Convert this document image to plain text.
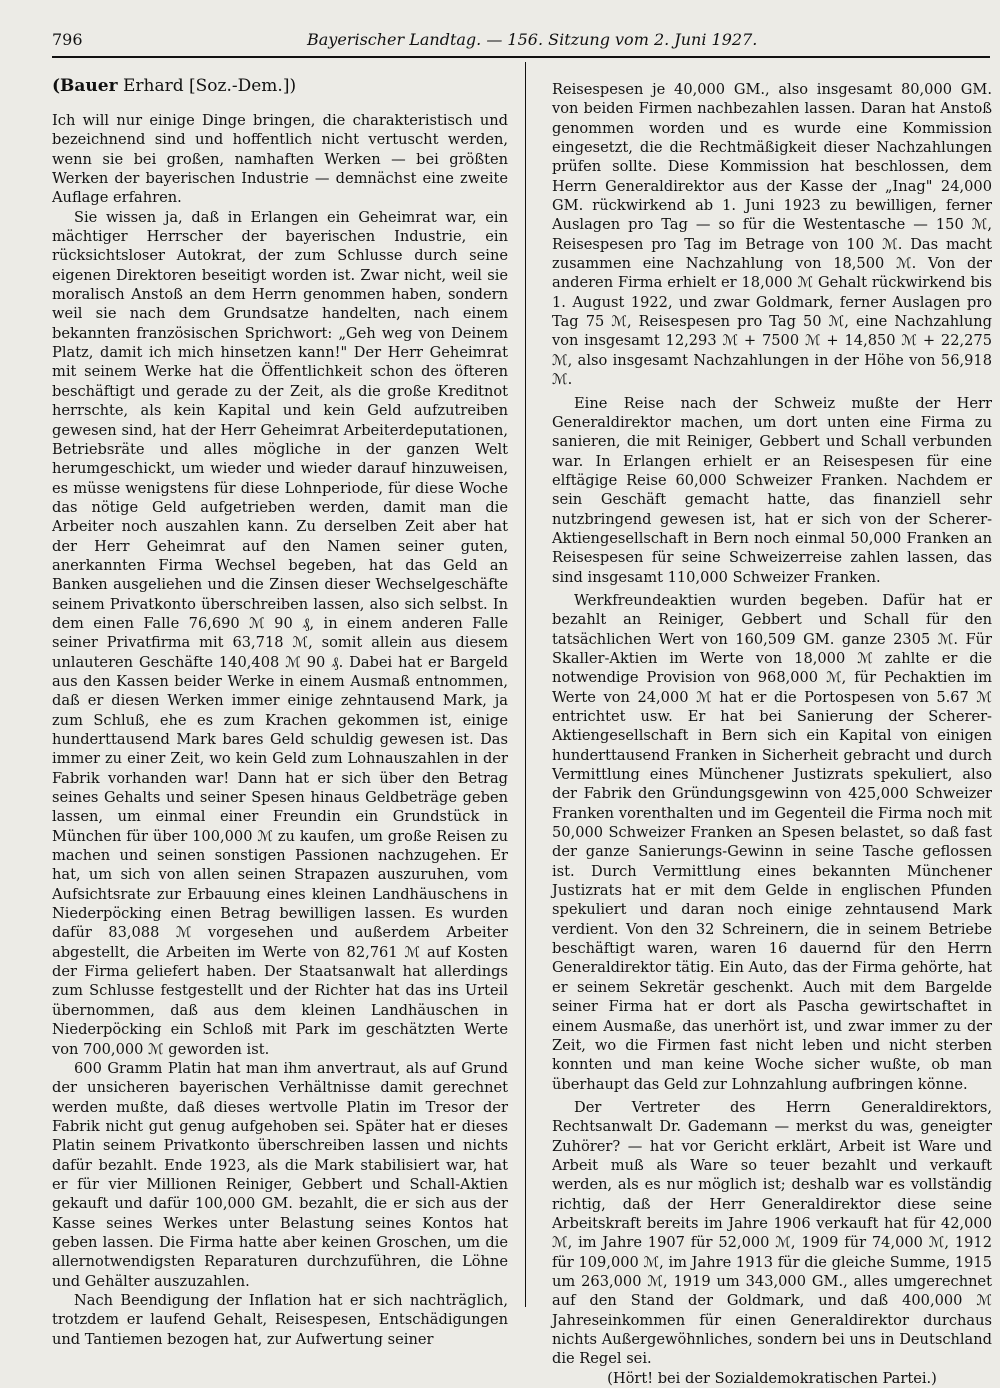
796	Bayerischer Landtag. — 156. Sitzung vom 2. Juni 1927.
(Bauer Erhard [Soz.-Dem.])

Ich will nur einige Dinge bringen, die charakteristisch und bezeichnend sind und hoffentlich nicht vertuscht werden, wenn sie bei großen, namhaften Werken — bei größten Werken der bayerischen Industrie — demnächst eine zweite Auflage erfahren.

Sie wissen ja, daß in Erlangen ein Geheimrat war, ein mächtiger Herrscher der bayerischen Industrie, ein rücksichtsloser Autokrat, der zum Schlusse durch seine eigenen Direktoren beseitigt worden ist. Zwar nicht, weil sie moralisch Anstoß an dem Herrn genommen haben, sondern weil sie nach dem Grundsatze handelten, nach einem bekannten französischen Sprichwort: „Geh weg von Deinem Platz, damit ich mich hinsetzen kann!" Der Herr Geheimrat mit seinem Werke hat die Öffentlichkeit schon des öfteren beschäftigt und gerade zu der Zeit, als die große Kreditnot herrschte, als kein Kapital und kein Geld aufzutreiben gewesen sind, hat der Herr Geheimrat Arbeiterdeputationen, Betriebsräte und alles mögliche in der ganzen Welt herumgeschickt, um wieder und wieder darauf hinzuweisen, es müsse wenigstens für diese Lohnperiode, für diese Woche das nötige Geld aufgetrieben werden, damit man die Arbeiter noch auszahlen kann. Zu derselben Zeit aber hat der Herr Geheimrat auf den Namen seiner guten, anerkannten Firma Wechsel begeben, hat das Geld an Banken ausgeliehen und die Zinsen dieser Wechselgeschäfte seinem Privatkonto überschreiben lassen, also sich selbst. In dem einen Falle 76,690 ℳ 90 ₰, in einem anderen Falle seiner Privatfirma mit 63,718 ℳ, somit allein aus diesem unlauteren Geschäfte 140,408 ℳ 90 ₰. Dabei hat er Bargeld aus den Kassen beider Werke in einem Ausmaß entnommen, daß er diesen Werken immer einige zehntausend Mark, ja zum Schluß, ehe es zum Krachen gekommen ist, einige hunderttausend Mark bares Geld schuldig gewesen ist. Das immer zu einer Zeit, wo kein Geld zum Lohnauszahlen in der Fabrik vorhanden war! Dann hat er sich über den Betrag seines Gehalts und seiner Spesen hinaus Geldbeträge geben lassen, um einmal einer Freundin ein Grundstück in München für über 100,000 ℳ zu kaufen, um große Reisen zu machen und seinen sonstigen Passionen nachzugehen. Er hat, um sich von allen seinen Strapazen auszuruhen, vom Aufsichtsrate zur Erbauung eines kleinen Landhäuschens in Niederpöcking einen Betrag bewilligen lassen. Es wurden dafür 83,088 ℳ vorgesehen und außerdem Arbeiter abgestellt, die Arbeiten im Werte von 82,761 ℳ auf Kosten der Firma geliefert haben. Der Staatsanwalt hat allerdings zum Schlusse festgestellt und der Richter hat das ins Urteil übernommen, daß aus dem kleinen Landhäuschen in Niederpöcking ein Schloß mit Park im geschätzten Werte von 700,000 ℳ geworden ist.

600 Gramm Platin hat man ihm anvertraut, als auf Grund der unsicheren bayerischen Verhältnisse damit gerechnet werden mußte, daß dieses wertvolle Platin im Tresor der Fabrik nicht gut genug aufgehoben sei. Später hat er dieses Platin seinem Privatkonto überschreiben lassen und nichts dafür bezahlt. Ende 1923, als die Mark stabilisiert war, hat er für vier Millionen Reiniger, Gebbert und Schall-Aktien gekauft und dafür 100,000 GM. bezahlt, die er sich aus der Kasse seines Werkes unter Belastung seines Kontos hat geben lassen. Die Firma hatte aber keinen Groschen, um die allernotwendigsten Reparaturen durchzuführen, die Löhne und Gehälter auszuzahlen.

Nach Beendigung der Inflation hat er sich nachträglich, trotzdem er laufend Gehalt, Reisespesen, Entschädigungen und Tantiemen bezogen hat, zur Aufwertung seiner

Reisespesen je 40,000 GM., also insgesamt 80,000 GM. von beiden Firmen nachbezahlen lassen. Daran hat Anstoß genommen worden und es wurde eine Kommission eingesetzt, die die Rechtmäßigkeit dieser Nachzahlungen prüfen sollte. Diese Kommission hat beschlossen, dem Herrn Generaldirektor aus der Kasse der „Inag" 24,000 GM. rückwirkend ab 1. Juni 1923 zu bewilligen, ferner Auslagen pro Tag — so für die Westentasche — 150 ℳ, Reisespesen pro Tag im Betrage von 100 ℳ. Das macht zusammen eine Nachzahlung von 18,500 ℳ. Von der anderen Firma erhielt er 18,000 ℳ Gehalt rückwirkend bis 1. August 1922, und zwar Goldmark, ferner Auslagen pro Tag 75 ℳ, Reisespesen pro Tag 50 ℳ, eine Nachzahlung von insgesamt 12,293 ℳ + 7500 ℳ + 14,850 ℳ + 22,275 ℳ, also insgesamt Nachzahlungen in der Höhe von 56,918 ℳ.

Eine Reise nach der Schweiz mußte der Herr Generaldirektor machen, um dort unten eine Firma zu sanieren, die mit Reiniger, Gebbert und Schall verbunden war. In Erlangen erhielt er an Reisespesen für eine elftägige Reise 60,000 Schweizer Franken. Nachdem er sein Geschäft gemacht hatte, das finanziell sehr nutzbringend gewesen ist, hat er sich von der Scherer-Aktiengesellschaft in Bern noch einmal 50,000 Franken an Reisespesen für seine Schweizerreise zahlen lassen, das sind insgesamt 110,000 Schweizer Franken.

Werkfreundeaktien wurden begeben. Dafür hat er bezahlt an Reiniger, Gebbert und Schall für den tatsächlichen Wert von 160,509 GM. ganze 2305 ℳ. Für Skaller-Aktien im Werte von 18,000 ℳ zahlte er die notwendige Provision von 968,000 ℳ, für Pechaktien im Werte von 24,000 ℳ hat er die Portospesen von 5.67 ℳ entrichtet usw. Er hat bei Sanierung der Scherer-Aktiengesellschaft in Bern sich ein Kapital von einigen hunderttausend Franken in Sicherheit gebracht und durch Vermittlung eines Münchener Justizrats spekuliert, also der Fabrik den Gründungsgewinn von 425,000 Schweizer Franken vorenthalten und im Gegenteil die Firma noch mit 50,000 Schweizer Franken an Spesen belastet, so daß fast der ganze Sanierungs-Gewinn in seine Tasche geflossen ist. Durch Vermittlung eines bekannten Münchener Justizrats hat er mit dem Gelde in englischen Pfunden spekuliert und daran noch einige zehntausend Mark verdient. Von den 32 Schreinern, die in seinem Betriebe beschäftigt waren, waren 16 dauernd für den Herrn Generaldirektor tätig. Ein Auto, das der Firma gehörte, hat er seinem Sekretär geschenkt. Auch mit dem Bargelde seiner Firma hat er dort als Pascha gewirtschaftet in einem Ausmaße, das unerhört ist, und zwar immer zu der Zeit, wo die Firmen fast nicht leben und nicht sterben konnten und man keine Woche sicher wußte, ob man überhaupt das Geld zur Lohnzahlung aufbringen könne.

Der Vertreter des Herrn Generaldirektors, Rechtsanwalt Dr. Gademann — merkst du was, geneigter Zuhörer? — hat vor Gericht erklärt, Arbeit ist Ware und Arbeit muß als Ware so teuer bezahlt und verkauft werden, als es nur möglich ist; deshalb war es vollständig richtig, daß der Herr Generaldirektor diese seine Arbeitskraft bereits im Jahre 1906 verkauft hat für 42,000 ℳ, im Jahre 1907 für 52,000 ℳ, 1909 für 74,000 ℳ, 1912 für 109,000 ℳ, im Jahre 1913 für die gleiche Summe, 1915 um 263,000 ℳ, 1919 um 343,000 GM., alles umgerechnet auf den Stand der Goldmark, und daß 400,000 ℳ Jahreseinkommen für einen Generaldirektor durchaus nichts Außergewöhnliches, sondern bei uns in Deutschland die Regel sei.

(Hört! bei der Sozialdemokratischen Partei.)
